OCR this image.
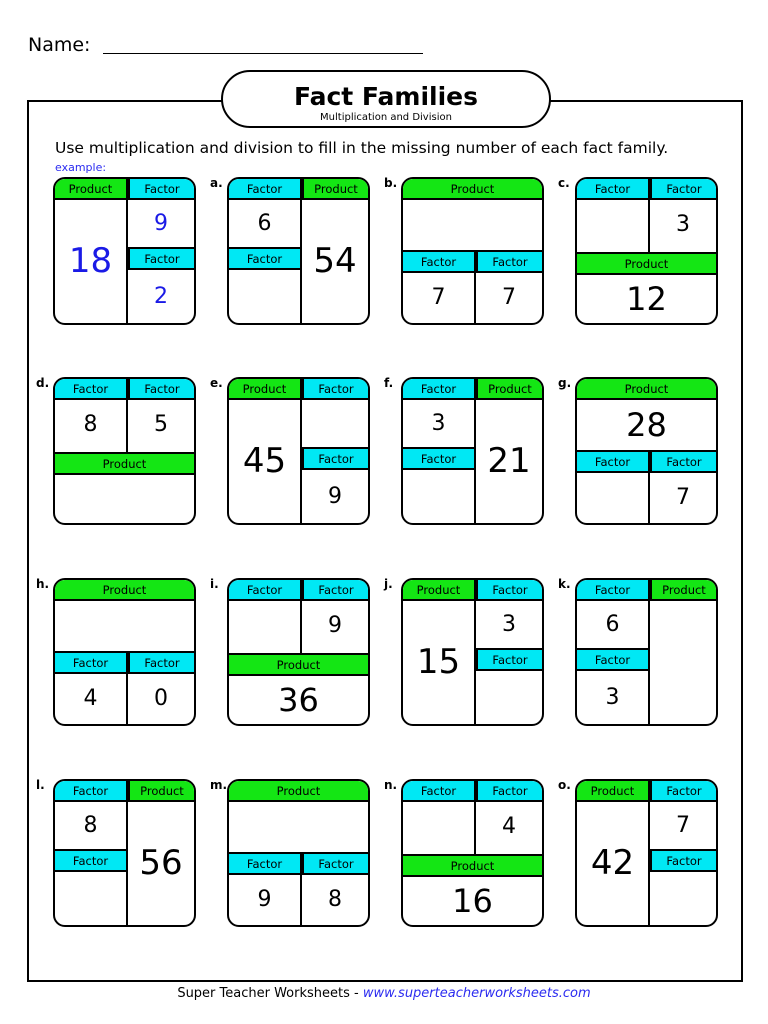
Name:
Fact Families
Multiplication and Division
Use multiplication and division to fill in the missing number of each fact family.
example:
Product	Factor
18
9
Factor
2
a.	Product
Factor
54
6
Factor
b.	Product
Factor	Factor
7	7
c.
Product
Factor	Factor
12
3
d.
Product
Factor	Factor
8	5
e.	Product	Factor
45	Factor
9
f.	Product
Factor
21
3
Factor
g.	Product
Factor	Factor
28
7
h.	Product
Factor	Factor
4	0
i.
Product
Factor	Factor
36
9
j.	Product	Factor
15
3
Factor
k.	Product
Factor
6
Factor
3
l.	Product
Factor
56
8
Factor
m.	Product
Factor	Factor
9	8
n.
Product
Factor	Factor
16
4
o.	Product	Factor
42
7
Factor
Super Teacher Worksheets - www.superteacherworksheets.com
